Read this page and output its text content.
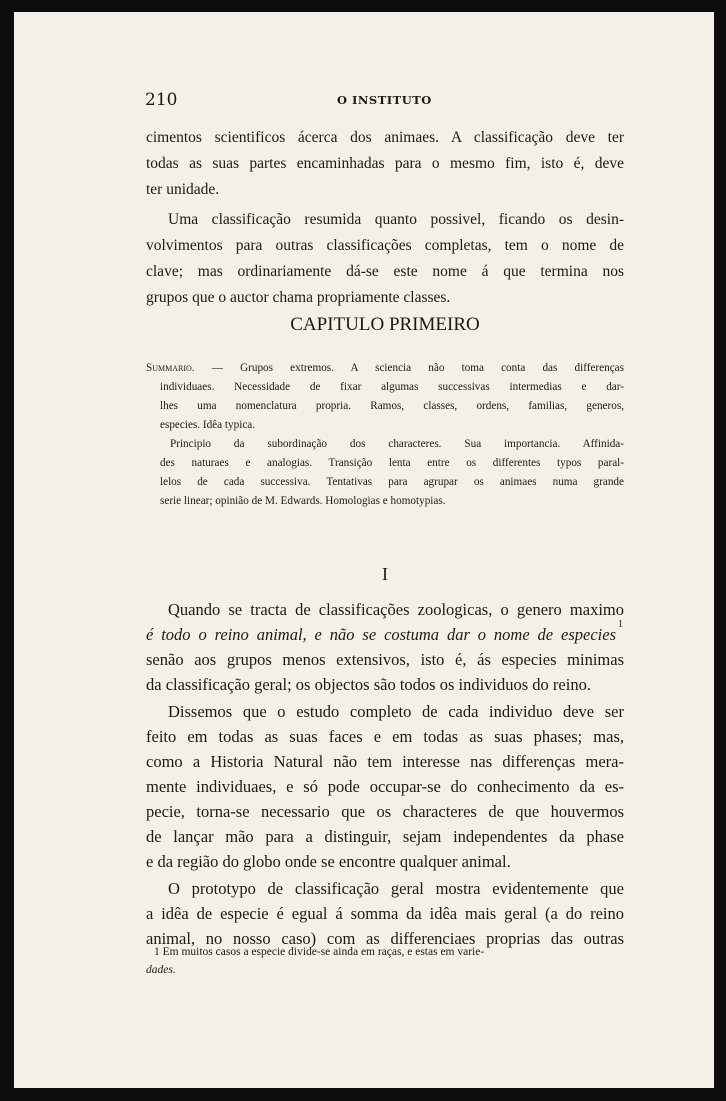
210	O INSTITUTO
cimentos scientificos ácerca dos animaes. A classificação deve ter
todas as suas partes encaminhadas para o mesmo fim, isto é, deve
ter unidade.
Uma classificação resumida quanto possivel, ficando os desin-
volvimentos para outras classificações completas, tem o nome de
clave; mas ordinariamente dá-se este nome á que termina nos
grupos que o auctor chama propriamente classes.
CAPITULO PRIMEIRO
Summario. — Grupos extremos. A sciencia não toma conta das differenças
individuaes. Necessidade de fixar algumas successivas intermedias e dar-
lhes uma nomenclatura propria. Ramos, classes, ordens, familias, generos,
especies. Idêa typica.
Principio da subordinação dos characteres. Sua importancia. Affinida-
des naturaes e analogias. Transição lenta entre os differentes typos paral-
lelos de cada successiva. Tentativas para agrupar os animaes numa grande
serie linear; opinião de M. Edwards. Homologias e homotypias.
I
Quando se tracta de classificações zoologicas, o genero maximo
é todo o reino animal, e não se costuma dar o nome de especies
1
senão aos grupos menos extensivos, isto é, ás especies minimas
da classificação geral; os objectos são todos os individuos do reino.
Dissemos que o estudo completo de cada individuo deve ser
feito em todas as suas faces e em todas as suas phases; mas,
como a Historia Natural não tem interesse nas differenças mera-
mente individuaes, e só pode occupar-se do conhecimento da es-
pecie, torna-se necessario que os characteres de que houvermos
de lançar mão para a distinguir, sejam independentes da phase
e da região do globo onde se encontre qualquer animal.
O prototypo de classificação geral mostra evidentemente que
a idêa de especie é egual á somma da idêa mais geral (a do reino
animal, no nosso caso) com as differenciaes proprias das outras
1 Em muitos casos a especie divide-se ainda em raças, e estas em varie-
dades.
